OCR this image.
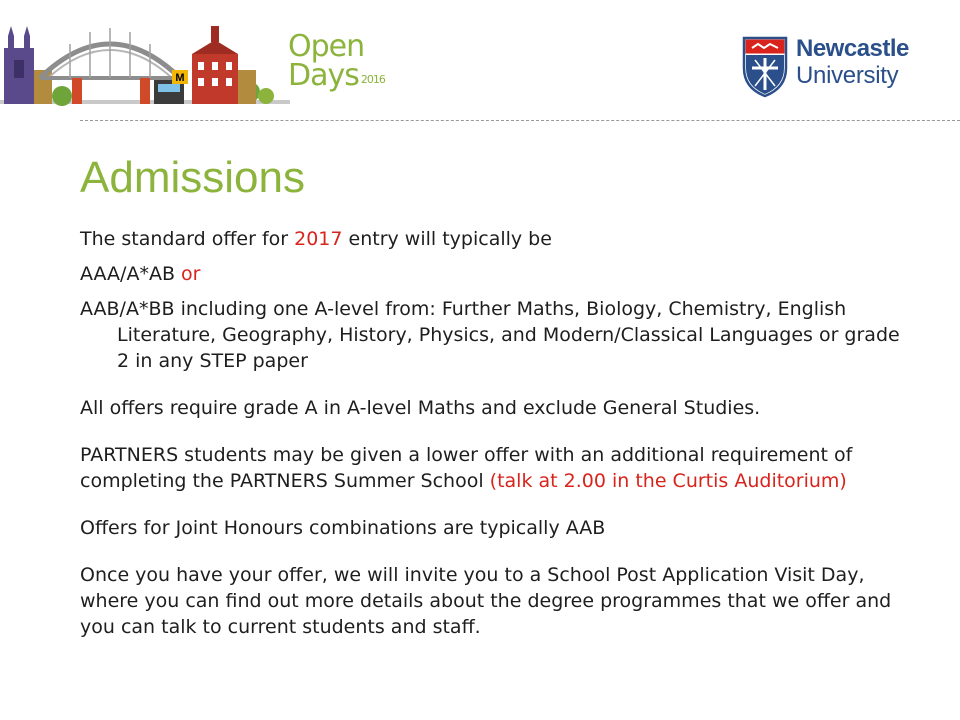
M
Open
Days 2016
Newcastle
University
Admissions

The standard offer for 2017 entry will typically be

AAA/A*AB or

AAB/A*BB including one A-level from: Further Maths, Biology, Chemistry, English Literature, Geography, History, Physics, and Modern/Classical Languages or grade 2 in any STEP paper

All offers require grade A in A-level Maths and exclude General Studies.

PARTNERS students may be given a lower offer with an additional requirement of completing the PARTNERS Summer School (talk at 2.00 in the Curtis Auditorium)

Offers for Joint Honours combinations are typically AAB

Once you have your offer, we will invite you to a School Post Application Visit Day, where you can find out more details about the degree programmes that we offer and you can talk to current students and staff.
